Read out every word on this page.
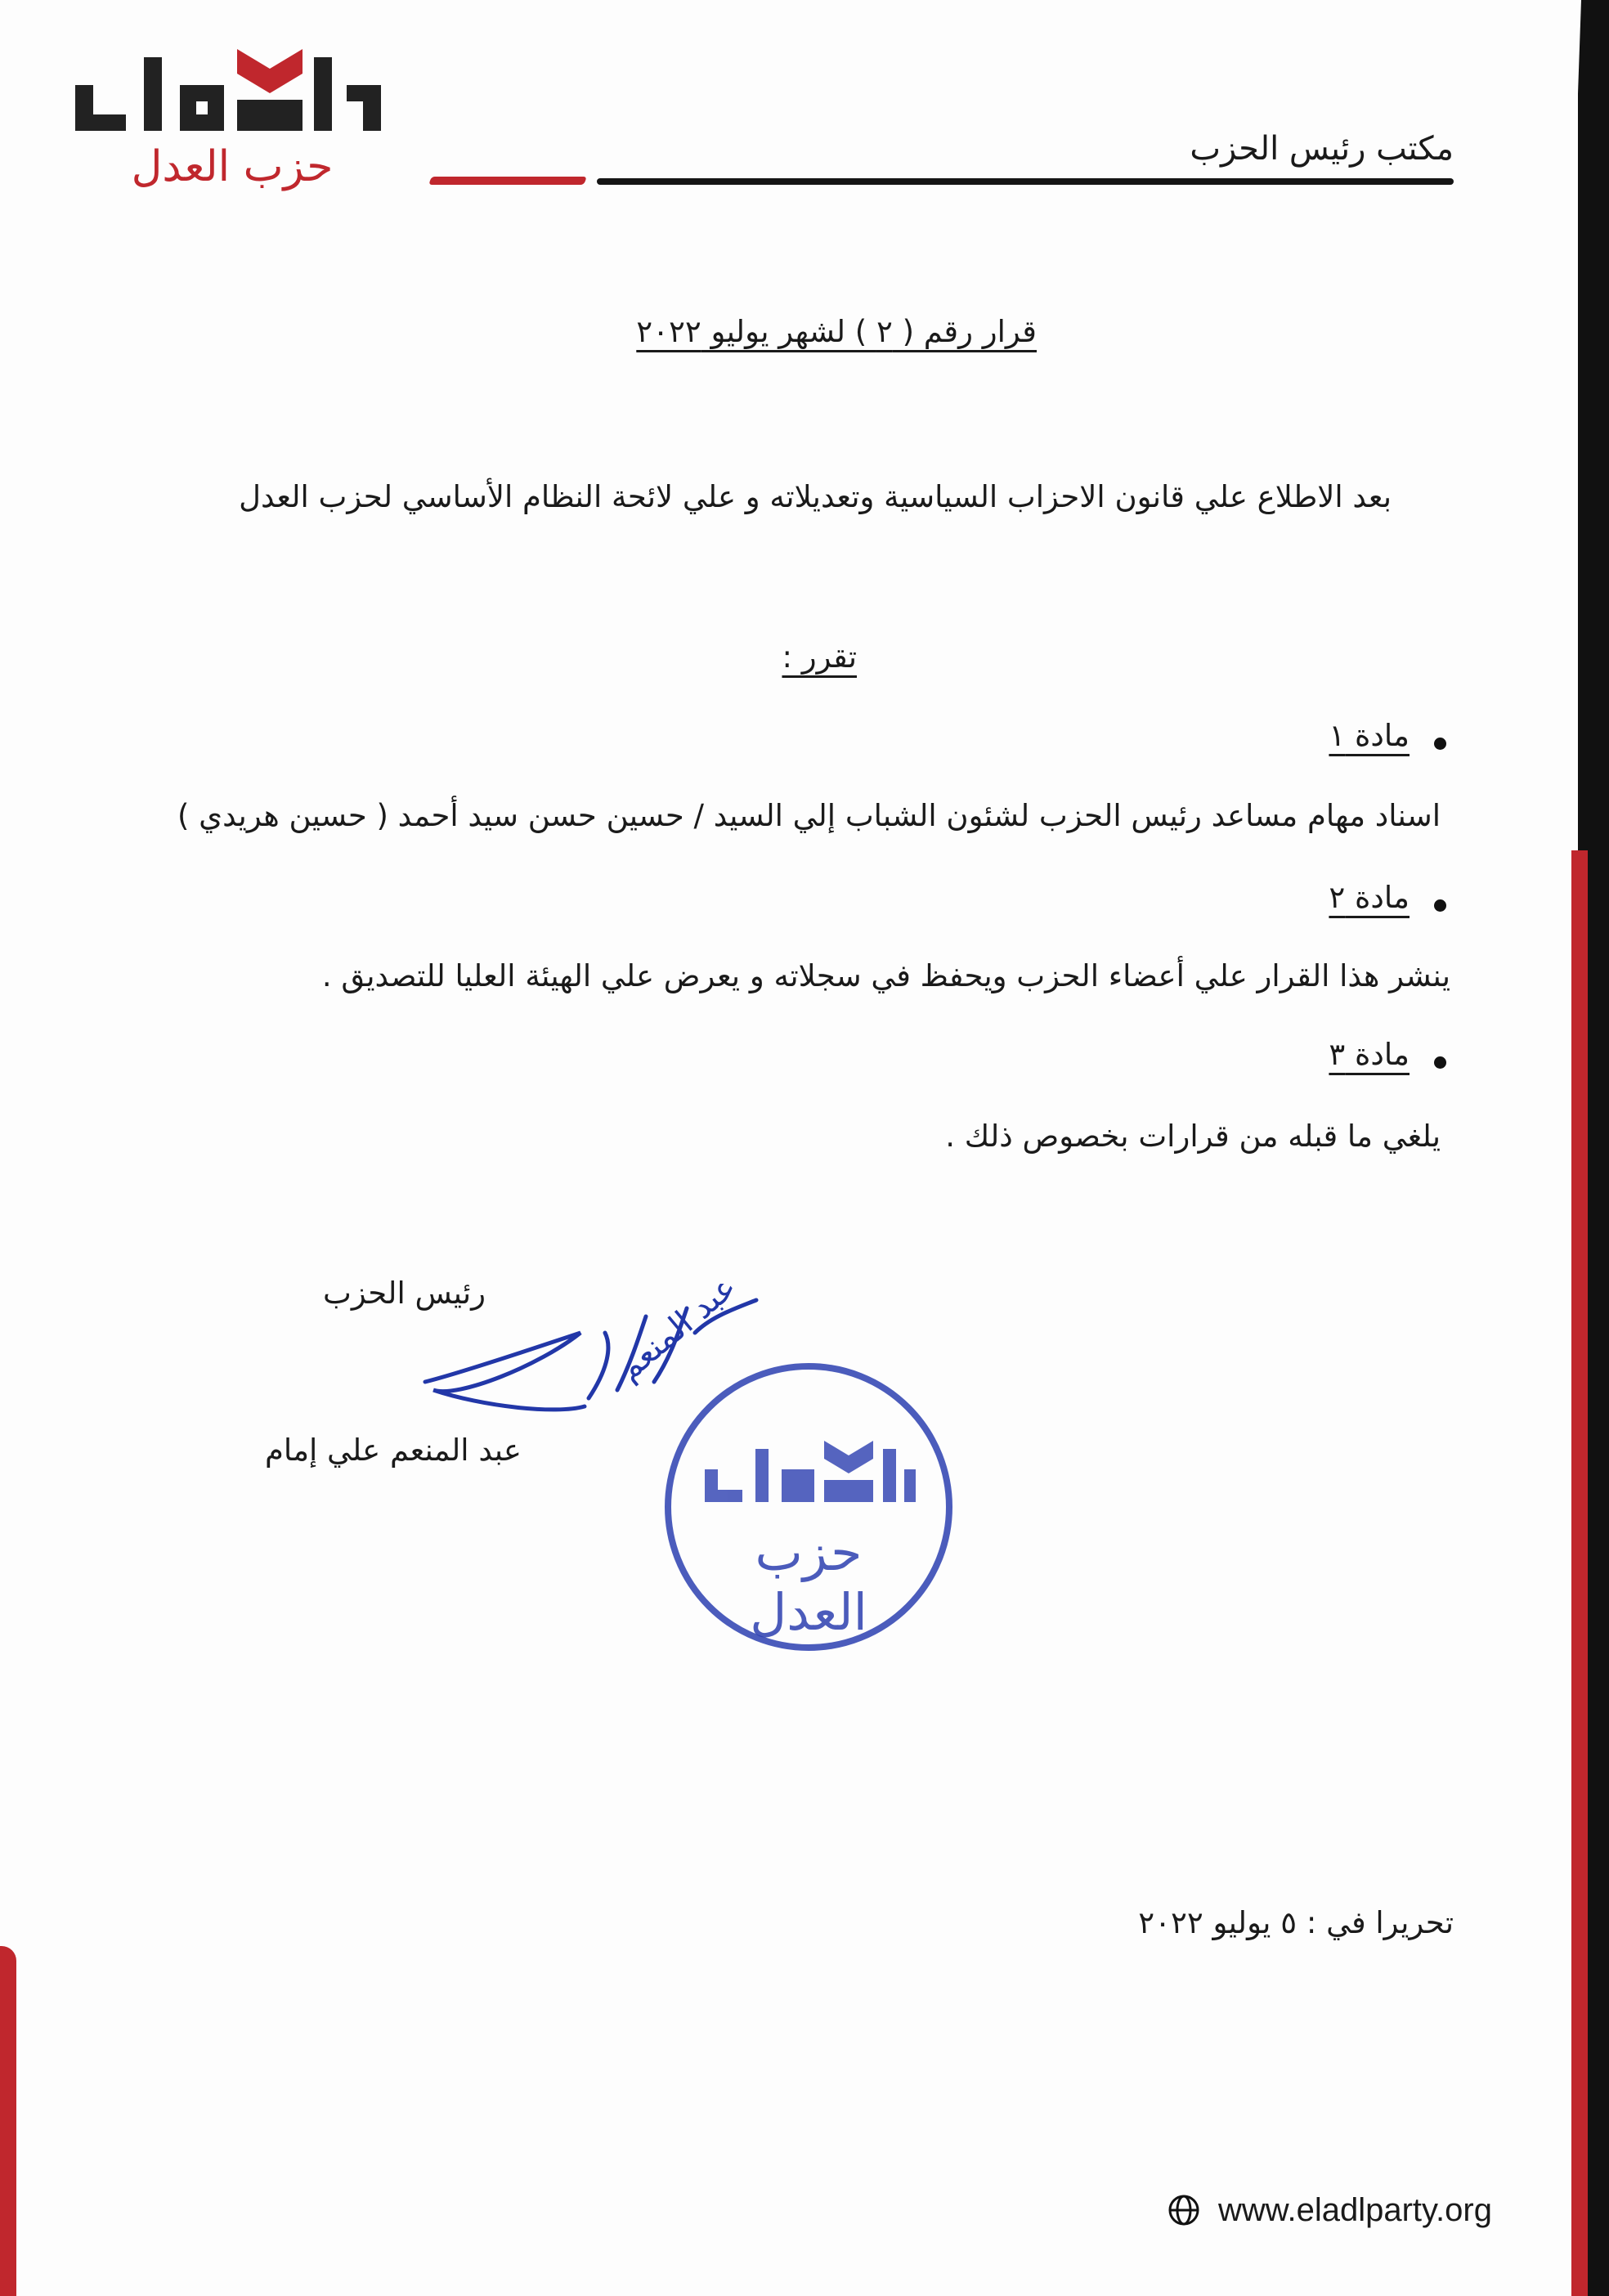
حزب العدل	مكتب رئيس الحزب
قرار رقم ( ٢ ) لشهر يوليو ٢٠٢٢
بعد الاطلاع علي قانون الاحزاب السياسية وتعديلاته و علي لائحة النظام الأساسي لحزب العدل
تقرر :
مادة ١
اسناد مهام مساعد رئيس الحزب لشئون الشباب إلي السيد / حسين حسن سيد أحمد ( حسين هريدي )
مادة ٢
ينشر هذا القرار علي أعضاء الحزب ويحفظ في سجلاته و يعرض علي الهيئة العليا للتصديق .
مادة ٣
يلغي ما قبله من قرارات بخصوص ذلك .
رئيس الحزب	عبد المنعم
عبد المنعم علي إمام
حزب العدل
تحريرا في : ٥ يوليو ٢٠٢٢
www.eladlparty.org
